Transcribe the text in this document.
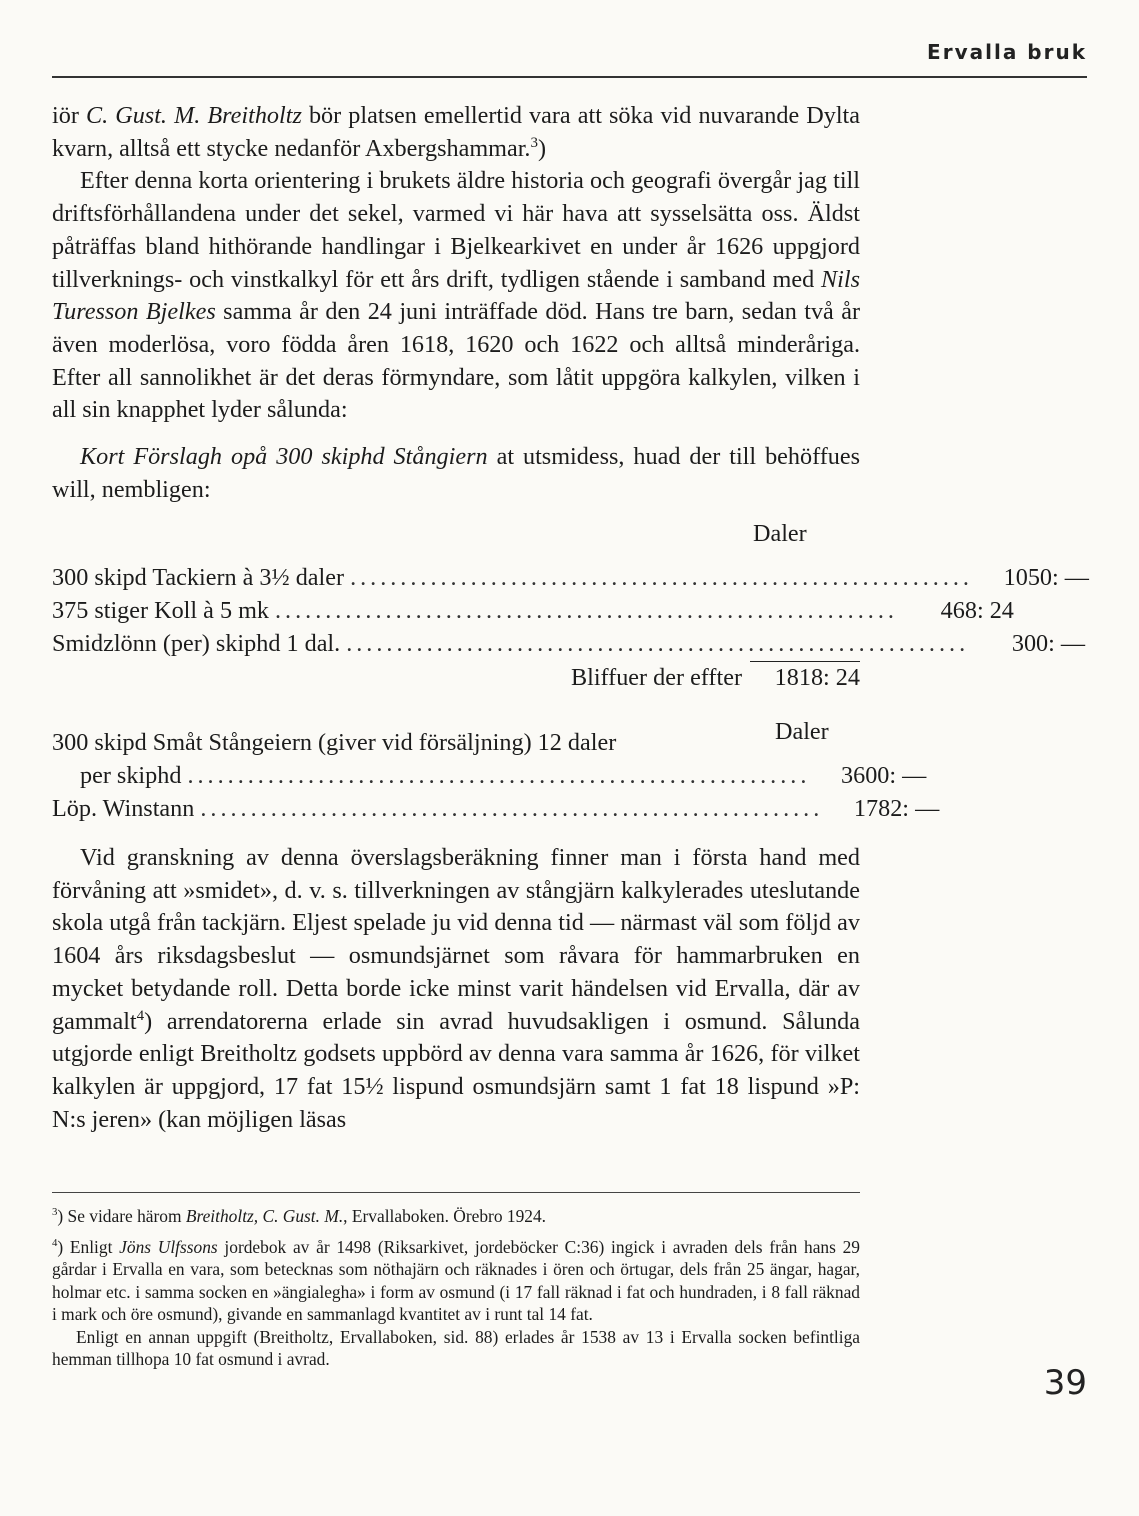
Ervalla bruk

iör C. Gust. M. Breitholtz bör platsen emellertid vara att söka vid nuvarande Dylta kvarn, alltså ett stycke nedanför Axbergshammar.$^3$)

Efter denna korta orientering i brukets äldre historia och geografi övergår jag till driftsförhållandena under det sekel, varmed vi här hava att sysselsätta oss. Äldst påträffas bland hithörande handlingar i Bjelkearkivet en under år 1626 uppgjord tillverknings- och vinstkalkyl för ett års drift, tydligen stående i samband med Nils Turesson Bjelkes samma år den 24 juni inträffade död. Hans tre barn, sedan två år även moderlösa, voro födda åren 1618, 1620 och 1622 och alltså minderåriga. Efter all sannolikhet är det deras förmyndare, som låtit uppgöra kalkylen, vilken i all sin knapphet lyder sålunda:

Kort Förslagh opå 300 skiphd Stångiern at utsmidess, huad der till behöffues will, nembligen:

Daler
300 skipd Tackiern à 3½ daler ..............................................................	1050: —
375 stiger Koll à 5 mk ..............................................................	468: 24
Smidzlönn (per) skiphd 1 dal. ..............................................................	300: —
Bliffuer der effter	1818: 24
Daler
300 skipd Småt Stångeiern (giver vid försäljning) 12 daler
per skiphd ..............................................................	3600: —
Löp. Winstann ..............................................................	1782: —

Vid granskning av denna överslagsberäkning finner man i första hand med förvåning att »smidet», d. v. s. tillverkningen av stångjärn kalkylerades uteslutande skola utgå från tackjärn. Eljest spelade ju vid denna tid — närmast väl som följd av 1604 års riksdagsbeslut — osmundsjärnet som råvara för hammarbruken en mycket betydande roll. Detta borde icke minst varit händelsen vid Ervalla, där av gammalt$^4$) arrendatorerna erlade sin avrad huvudsakligen i osmund. Sålunda utgjorde enligt Breitholtz godsets uppbörd av denna vara samma år 1626, för vilket kalkylen är uppgjord, 17 fat 15½ lispund osmundsjärn samt 1 fat 18 lispund »P: N:s jeren» (kan möjligen läsas

$^3$) Se vidare härom Breitholtz, C. Gust. M., Ervallaboken. Örebro 1924.

$^4$) Enligt Jöns Ulfssons jordebok av år 1498 (Riksarkivet, jordeböcker C:36) ingick i avraden dels från hans 29 gårdar i Ervalla en vara, som betecknas som nöthajärn och räknades i ören och örtugar, dels från 25 ängar, hagar, holmar etc. i samma socken en »ängialegha» i form av osmund (i 17 fall räknad i fat och hundraden, i 8 fall räknad i mark och öre osmund), givande en sammanlagd kvantitet av i runt tal 14 fat.

Enligt en annan uppgift (Breitholtz, Ervallaboken, sid. 88) erlades år 1538 av 13 i Ervalla socken befintliga hemman tillhopa 10 fat osmund i avrad.

39
